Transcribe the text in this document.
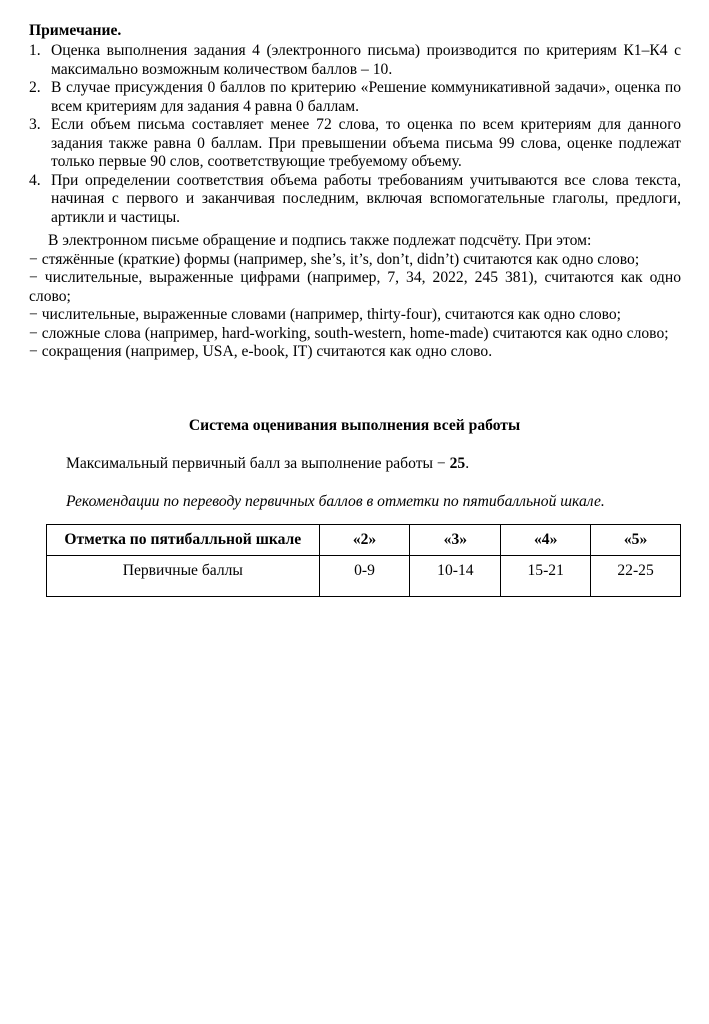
Примечание.
1. Оценка выполнения задания 4 (электронного письма) производится по критериям К1–К4 с максимально возможным количеством баллов – 10.
2. В случае присуждения 0 баллов по критерию «Решение коммуникативной задачи», оценка по всем критериям для задания 4 равна 0 баллам.
3. Если объем письма составляет менее 72 слова, то оценка по всем критериям для данного задания также равна 0 баллам. При превышении объема письма 99 слова, оценке подлежат только первые 90 слов, соответствующие требуемому объему.
4. При определении соответствия объема работы требованиям учитываются все слова текста, начиная с первого и заканчивая последним, включая вспомогательные глаголы, предлоги, артикли и частицы.

В электронном письме обращение и подпись также подлежат подсчёту. При этом:

− стяжённые (краткие) формы (например, she’s, it’s, don’t, didn’t) считаются как одно слово;

− числительные, выраженные цифрами (например, 7, 34, 2022, 245 381), считаются как одно слово;

− числительные, выраженные словами (например, thirty-four), считаются как одно слово;

− сложные слова (например, hard-working, south-western, home-made) считаются как одно слово;

− сокращения (например, USA, e-book, IT) считаются как одно слово.

Система оценивания выполнения всей работы
Максимальный первичный балл за выполнение работы − 25.
Рекомендации по переводу первичных баллов в отметки по пятибалльной шкале.
Отметка по пятибалльной шкале	«2»	«3»	«4»	«5»
Первичные баллы	0-9	10-14	15-21	22-25
